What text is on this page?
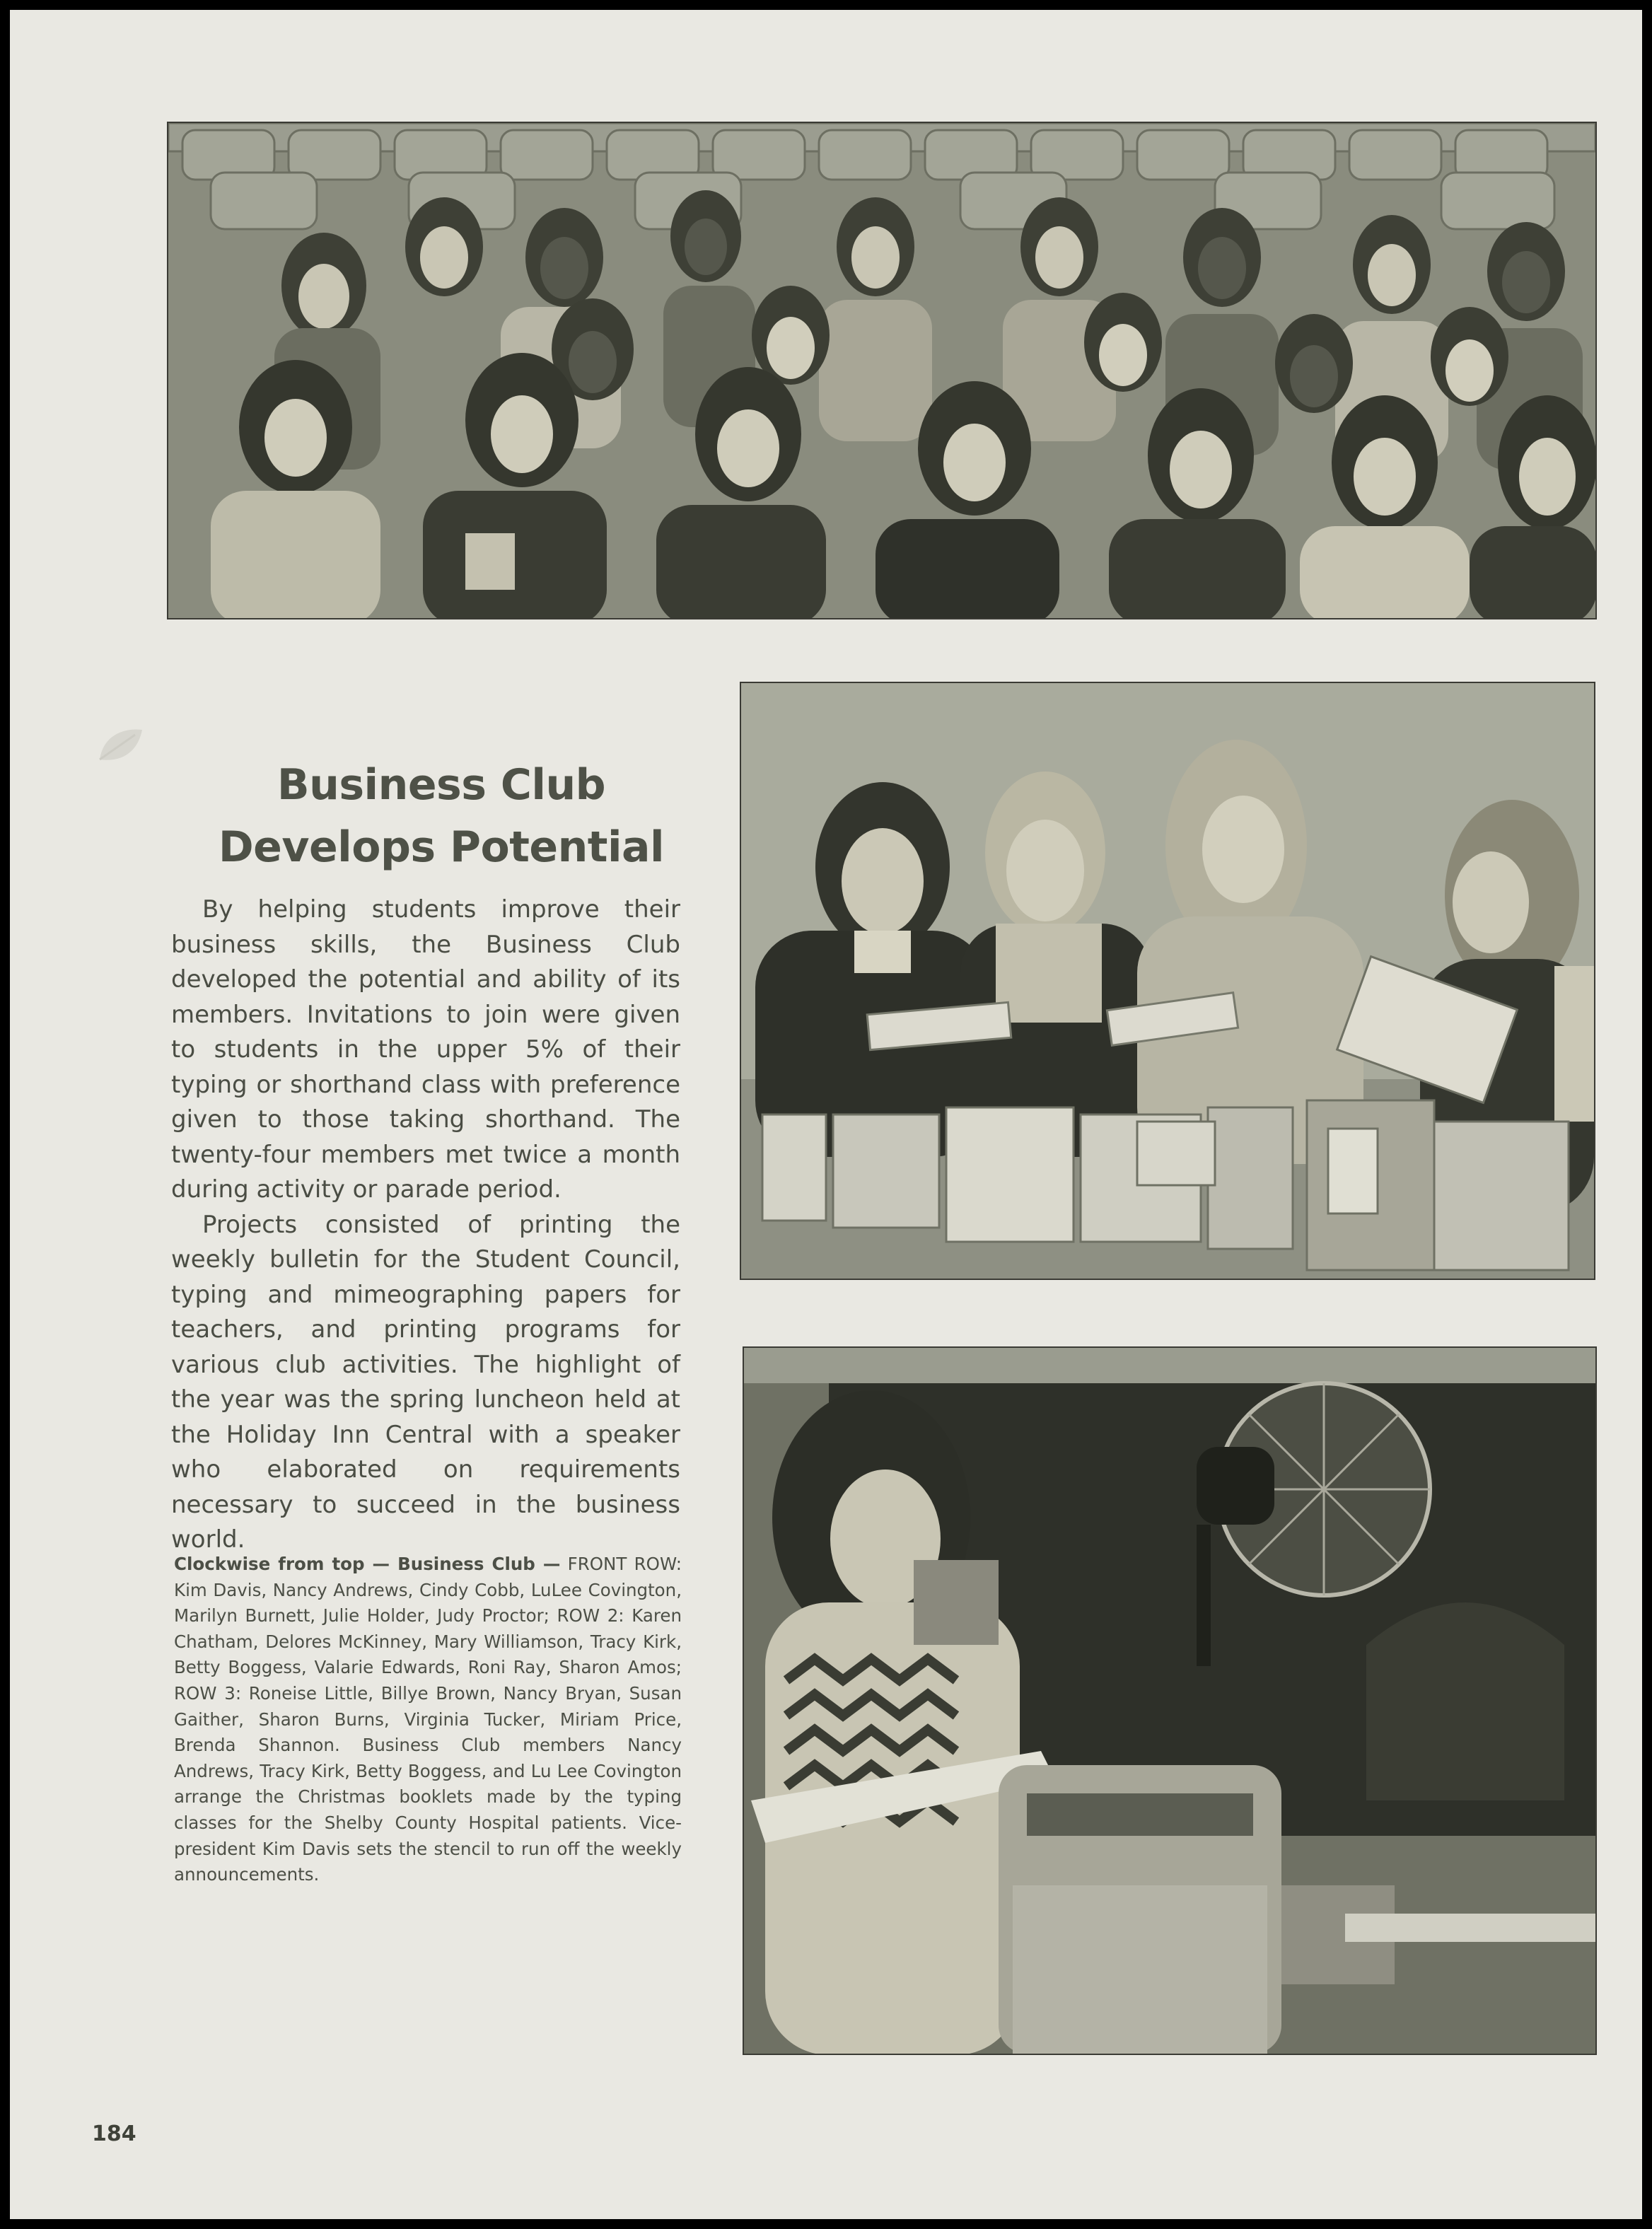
Business Club
Develops Potential

By helping students improve their business skills, the Business Club developed the potential and ability of its members. Invitations to join were given to students in the upper 5% of their typing or shorthand class with preference given to those taking shorthand. The twenty-four members met twice a month during activity or parade period.

Projects consisted of printing the weekly bulletin for the Student Council, typing and mimeographing papers for teachers, and printing programs for various club activities. The highlight of the year was the spring luncheon held at the Holiday Inn Central with a speaker who elaborated on requirements necessary to succeed in the business world.

Clockwise from top — Business Club — FRONT ROW: Kim Davis, Nancy Andrews, Cindy Cobb, LuLee Covington, Marilyn Burnett, Julie Holder, Judy Proctor; ROW 2: Karen Chatham, Delores McKinney, Mary Williamson, Tracy Kirk, Betty Boggess, Valarie Edwards, Roni Ray, Sharon Amos; ROW 3: Roneise Little, Billye Brown, Nancy Bryan, Susan Gaither, Sharon Burns, Virginia Tucker, Miriam Price, Brenda Shannon. Business Club members Nancy Andrews, Tracy Kirk, Betty Boggess, and Lu Lee Covington arrange the Christmas booklets made by the typing classes for the Shelby County Hospital patients. Vice-president Kim Davis sets the stencil to run off the weekly announcements.
184
